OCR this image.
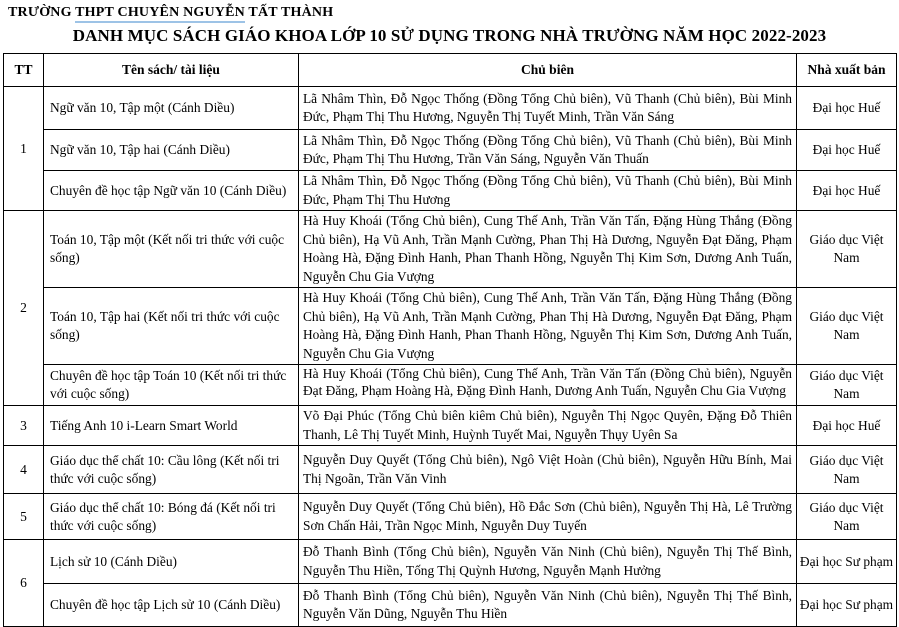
TRƯỜNG THPT CHUYÊN NGUYỄN TẤT THÀNH
DANH MỤC SÁCH GIÁO KHOA LỚP 10 SỬ DỤNG TRONG NHÀ TRƯỜNG NĂM HỌC 2022-2023
TT	Tên sách/ tài liệu	Chủ biên	Nhà xuất bản
1	Ngữ văn 10, Tập một (Cánh Diều)	Lã Nhâm Thìn, Đỗ Ngọc Thống (Đồng Tổng Chủ biên), Vũ Thanh (Chủ biên), Bùi Minh Đức, Phạm Thị Thu Hương, Nguyễn Thị Tuyết Minh, Trần Văn Sáng	Đại học Huế
	Ngữ văn 10, Tập hai (Cánh Diều)	Lã Nhâm Thìn, Đỗ Ngọc Thống (Đồng Tổng Chủ biên), Vũ Thanh (Chủ biên), Bùi Minh Đức, Phạm Thị Thu Hương, Trần Văn Sáng, Nguyễn Văn Thuấn	Đại học Huế
	Chuyên đề học tập Ngữ văn 10 (Cánh Diều)	Lã Nhâm Thìn, Đỗ Ngọc Thống (Đồng Tổng Chủ biên), Vũ Thanh (Chủ biên), Bùi Minh Đức, Phạm Thị Thu Hương	Đại học Huế
2	Toán 10, Tập một (Kết nối tri thức với cuộc sống)	Hà Huy Khoái (Tổng Chủ biên), Cung Thế Anh, Trần Văn Tấn, Đặng Hùng Thắng (Đồng Chủ biên), Hạ Vũ Anh, Trần Mạnh Cường, Phan Thị Hà Dương, Nguyễn Đạt Đăng, Phạm Hoàng Hà, Đặng Đình Hanh, Phan Thanh Hồng, Nguyễn Thị Kim Sơn, Dương Anh Tuấn, Nguyễn Chu Gia Vượng	Giáo dục Việt Nam
	Toán 10, Tập hai (Kết nối tri thức với cuộc sống)	Hà Huy Khoái (Tổng Chủ biên), Cung Thế Anh, Trần Văn Tấn, Đặng Hùng Thắng (Đồng Chủ biên), Hạ Vũ Anh, Trần Mạnh Cường, Phan Thị Hà Dương, Nguyễn Đạt Đăng, Phạm Hoàng Hà, Đặng Đình Hanh, Phan Thanh Hồng, Nguyễn Thị Kim Sơn, Dương Anh Tuấn, Nguyễn Chu Gia Vượng	Giáo dục Việt Nam
	Chuyên đề học tập Toán 10 (Kết nối tri thức với cuộc sống)	Hà Huy Khoái (Tổng Chủ biên), Cung Thế Anh, Trần Văn Tấn (Đồng Chủ biên), Nguyễn Đạt Đăng, Phạm Hoàng Hà, Đặng Đình Hanh, Dương Anh Tuấn, Nguyễn Chu Gia Vượng	Giáo dục Việt Nam
3	Tiếng Anh 10 i-Learn Smart World	Võ Đại Phúc (Tổng Chủ biên kiêm Chủ biên), Nguyễn Thị Ngọc Quyên, Đặng Đỗ Thiên Thanh, Lê Thị Tuyết Minh, Huỳnh Tuyết Mai, Nguyễn Thụy Uyên Sa	Đại học Huế
4	Giáo dục thể chất 10: Cầu lông (Kết nối tri thức với cuộc sống)	Nguyễn Duy Quyết (Tổng Chủ biên), Ngô Việt Hoàn (Chủ biên), Nguyễn Hữu Bính, Mai Thị Ngoãn, Trần Văn Vinh	Giáo dục Việt Nam
5	Giáo dục thể chất 10: Bóng đá (Kết nối tri thức với cuộc sống)	Nguyễn Duy Quyết (Tổng Chủ biên), Hồ Đắc Sơn (Chủ biên), Nguyễn Thị Hà, Lê Trường Sơn Chấn Hải, Trần Ngọc Minh, Nguyễn Duy Tuyến	Giáo dục Việt Nam
6	Lịch sử 10 (Cánh Diều)	Đỗ Thanh Bình (Tổng Chủ biên), Nguyễn Văn Ninh (Chủ biên), Nguyễn Thị Thế Bình, Nguyễn Thu Hiền, Tống Thị Quỳnh Hương, Nguyễn Mạnh Hưởng	Đại học Sư phạm
	Chuyên đề học tập Lịch sử 10 (Cánh Diều)	Đỗ Thanh Bình (Tổng Chủ biên), Nguyễn Văn Ninh (Chủ biên), Nguyễn Thị Thế Bình, Nguyễn Văn Dũng, Nguyễn Thu Hiền	Đại học Sư phạm
